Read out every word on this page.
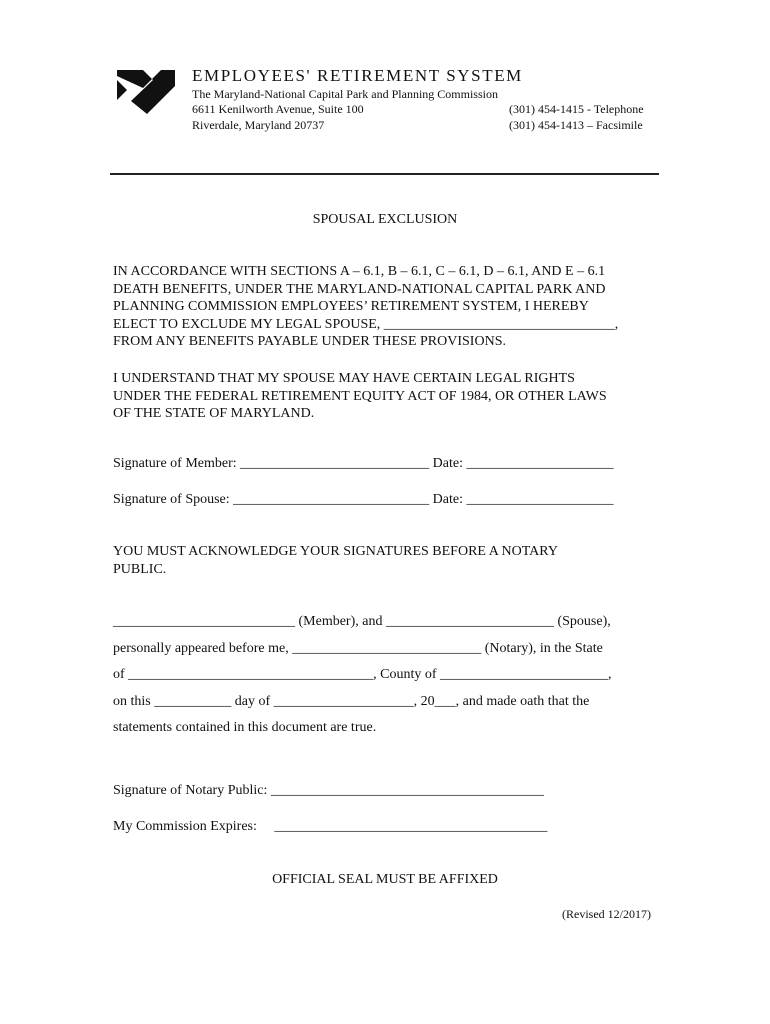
EMPLOYEES' RETIREMENT SYSTEM
The Maryland-National Capital Park and Planning Commission
6611 Kenilworth Avenue, Suite 100
Riverdale, Maryland 20737
(301) 454-1415 - Telephone
(301) 454-1413 – Facsimile
SPOUSAL EXCLUSION
IN ACCORDANCE WITH SECTIONS A – 6.1, B – 6.1, C – 6.1, D – 6.1, AND E – 6.1
DEATH BENEFITS, UNDER THE MARYLAND-NATIONAL CAPITAL PARK AND
PLANNING COMMISSION EMPLOYEES’ RETIREMENT SYSTEM, I HEREBY
ELECT TO EXCLUDE MY LEGAL SPOUSE, _________________________________,
FROM ANY BENEFITS PAYABLE UNDER THESE PROVISIONS.
I UNDERSTAND THAT MY SPOUSE MAY HAVE CERTAIN LEGAL RIGHTS
UNDER THE FEDERAL RETIREMENT EQUITY ACT OF 1984, OR OTHER LAWS
OF THE STATE OF MARYLAND.
Signature of Member: ___________________________ Date: _____________________
Signature of Spouse: ____________________________ Date: _____________________
YOU MUST ACKNOWLEDGE YOUR SIGNATURES BEFORE A NOTARY
PUBLIC.
__________________________ (Member), and ________________________ (Spouse),
personally appeared before me, ___________________________ (Notary), in the State
of ___________________________________, County of ________________________,
on this ___________ day of ____________________, 20___, and made oath that the
statements contained in this document are true.
Signature of Notary Public: _______________________________________
My Commission Expires:     _______________________________________
OFFICIAL SEAL MUST BE AFFIXED
(Revised 12/2017)
